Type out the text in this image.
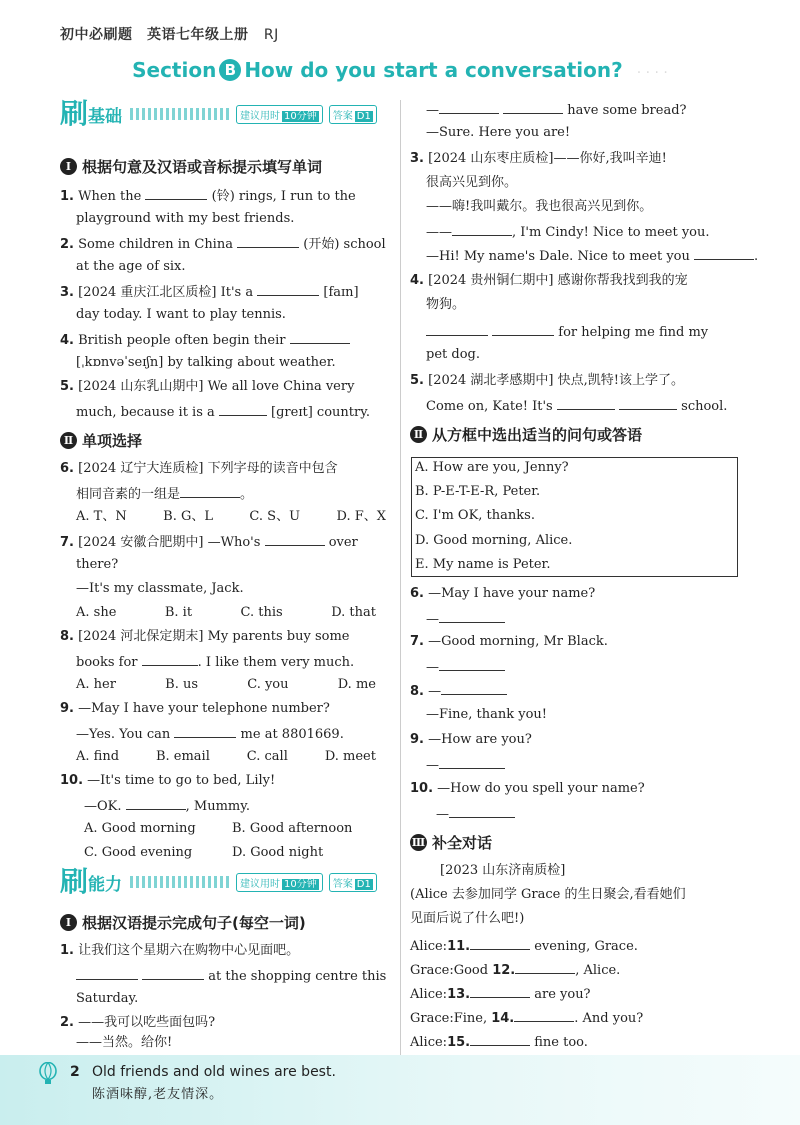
初中必刷题　英语七年级上册 RJ
Section B How do you start a conversation? · · · ·
刷 基础	建议用时 10分钟	答案 D1
Ⅰ 根据句意及汉语或音标提示填写单词
1. When the	(铃) rings, I run to the
playground with my best friends.
2. Some children in China	(开始) school
at the age of six.
3. [2024 重庆江北区质检] It's a	[faɪn]
day today. I want to play tennis.
4. British people often begin their
[ˌkɒnvəˈseɪʃn] by talking about weather.
5. [2024 山东乳山期中] We all love China very
much, because it is a	[ɡreɪt] country.
Ⅱ 单项选择
6. [2024 辽宁大连质检] 下列字母的读音中包含
相同音素的一组是	。
A. T、N	B. G、L	C. S、U	D. F、X
7. [2024 安徽合肥期中] —Who's	over
there?
—It's my classmate, Jack.
A. she	B. it	C. this	D. that
8. [2024 河北保定期末] My parents buy some
books for	. I like them very much.
A. her	B. us	C. you	D. me
9. —May I have your telephone number?
—Yes. You can	me at 8801669.
A. find	B. email	C. call	D. meet
10. —It's time to go to bed, Lily!
—OK.	, Mummy.
A. Good morning	B. Good afternoon
C. Good evening	D. Good night
刷 能力	建议用时 10分钟	答案 D1
Ⅰ 根据汉语提示完成句子(每空一词)
1. 让我们这个星期六在购物中心见面吧。
at the shopping centre this
Saturday.
2. ——我可以吃些面包吗?
——当然。给你!
—	have some bread?
—Sure. Here you are!
3. [2024 山东枣庄质检]——你好,我叫辛迪!
很高兴见到你。
——嗨!我叫戴尔。我也很高兴见到你。
——	, I'm Cindy! Nice to meet you.
—Hi! My name's Dale. Nice to meet you	.
4. [2024 贵州铜仁期中] 感谢你帮我找到我的宠
物狗。
for helping me find my
pet dog.
5. [2024 湖北孝感期中] 快点,凯特!该上学了。
Come on, Kate! It's	school.
Ⅱ 从方框中选出适当的问句或答语
A. How are you, Jenny?
B. P-E-T-E-R, Peter.
C. I'm OK, thanks.
D. Good morning, Alice.
E. My name is Peter.
6. —May I have your name?
—
7. —Good morning, Mr Black.
—
8. —
—Fine, thank you!
9. —How are you?
—
10. —How do you spell your name?
—
Ⅲ 补全对话
[2023 山东济南质检]
(Alice 去参加同学 Grace 的生日聚会,看看她们
见面后说了什么吧!)
Alice:11.	evening, Grace.
Grace:Good 12.	, Alice.
Alice:13.	are you?
Grace:Fine, 14.	. And you?
Alice:15.	fine too.
2 Old friends and old wines are best.
陈酒味醇,老友情深。
